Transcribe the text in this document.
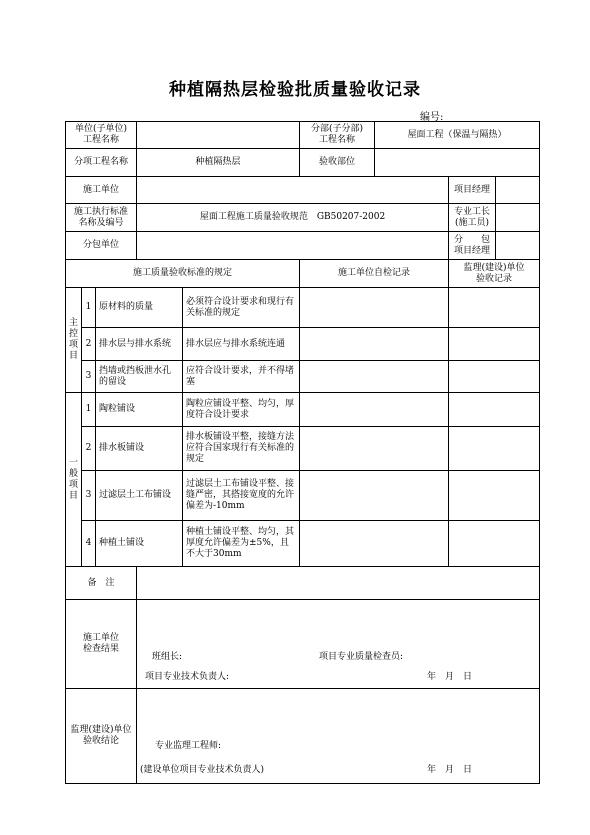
种植隔热层检验批质量验收记录
编号:
单位(子单位)
工程名称					分部(子分部)
工程名称	屋面工程（保温与隔热）		
分项工程名称			种植隔热层		验收部位			
施工单位							项目经理	
施工执行标准
名称及编号			屋面工程施工质量验收规范　GB50207-2002				专业工长
(施工员)	
分包单位							分　　包
项目经理	
施工质量验收标准的规定					施工单位自检记录		监理(建设)单位
验收记录	
主
控
项
目	1	原材料的质量		必须符合设计要求和现行有关标准的规定				
	2	排水层与排水系统		排水层应与排水系统连通				
	3	挡墙或挡板泄水孔的留设		应符合设计要求，并不得堵塞				
一
般
项
目	1	陶粒铺设		陶粒应铺设平整、均匀，厚度符合设计要求				
	2	排水板铺设		排水板铺设平整，接缝方法应符合国家现行有关标准的规定				
	3	过滤层土工布铺设		过滤层土工布铺设平整、接缝严密，其搭接宽度的允许偏差为-10mm				
	4	种植土铺设		种植土铺设平整、均匀，其厚度允许偏差为±5%，且不大于30mm				
备　注								
施工单位
检查结果			班组长: 项目专业质量检查员:
项目专业技术负责人: 年　月　日					

监理(建设)单位
验收结论			专业监理工程师:
(建设单位项目专业技术负责人) 年　月　日					
